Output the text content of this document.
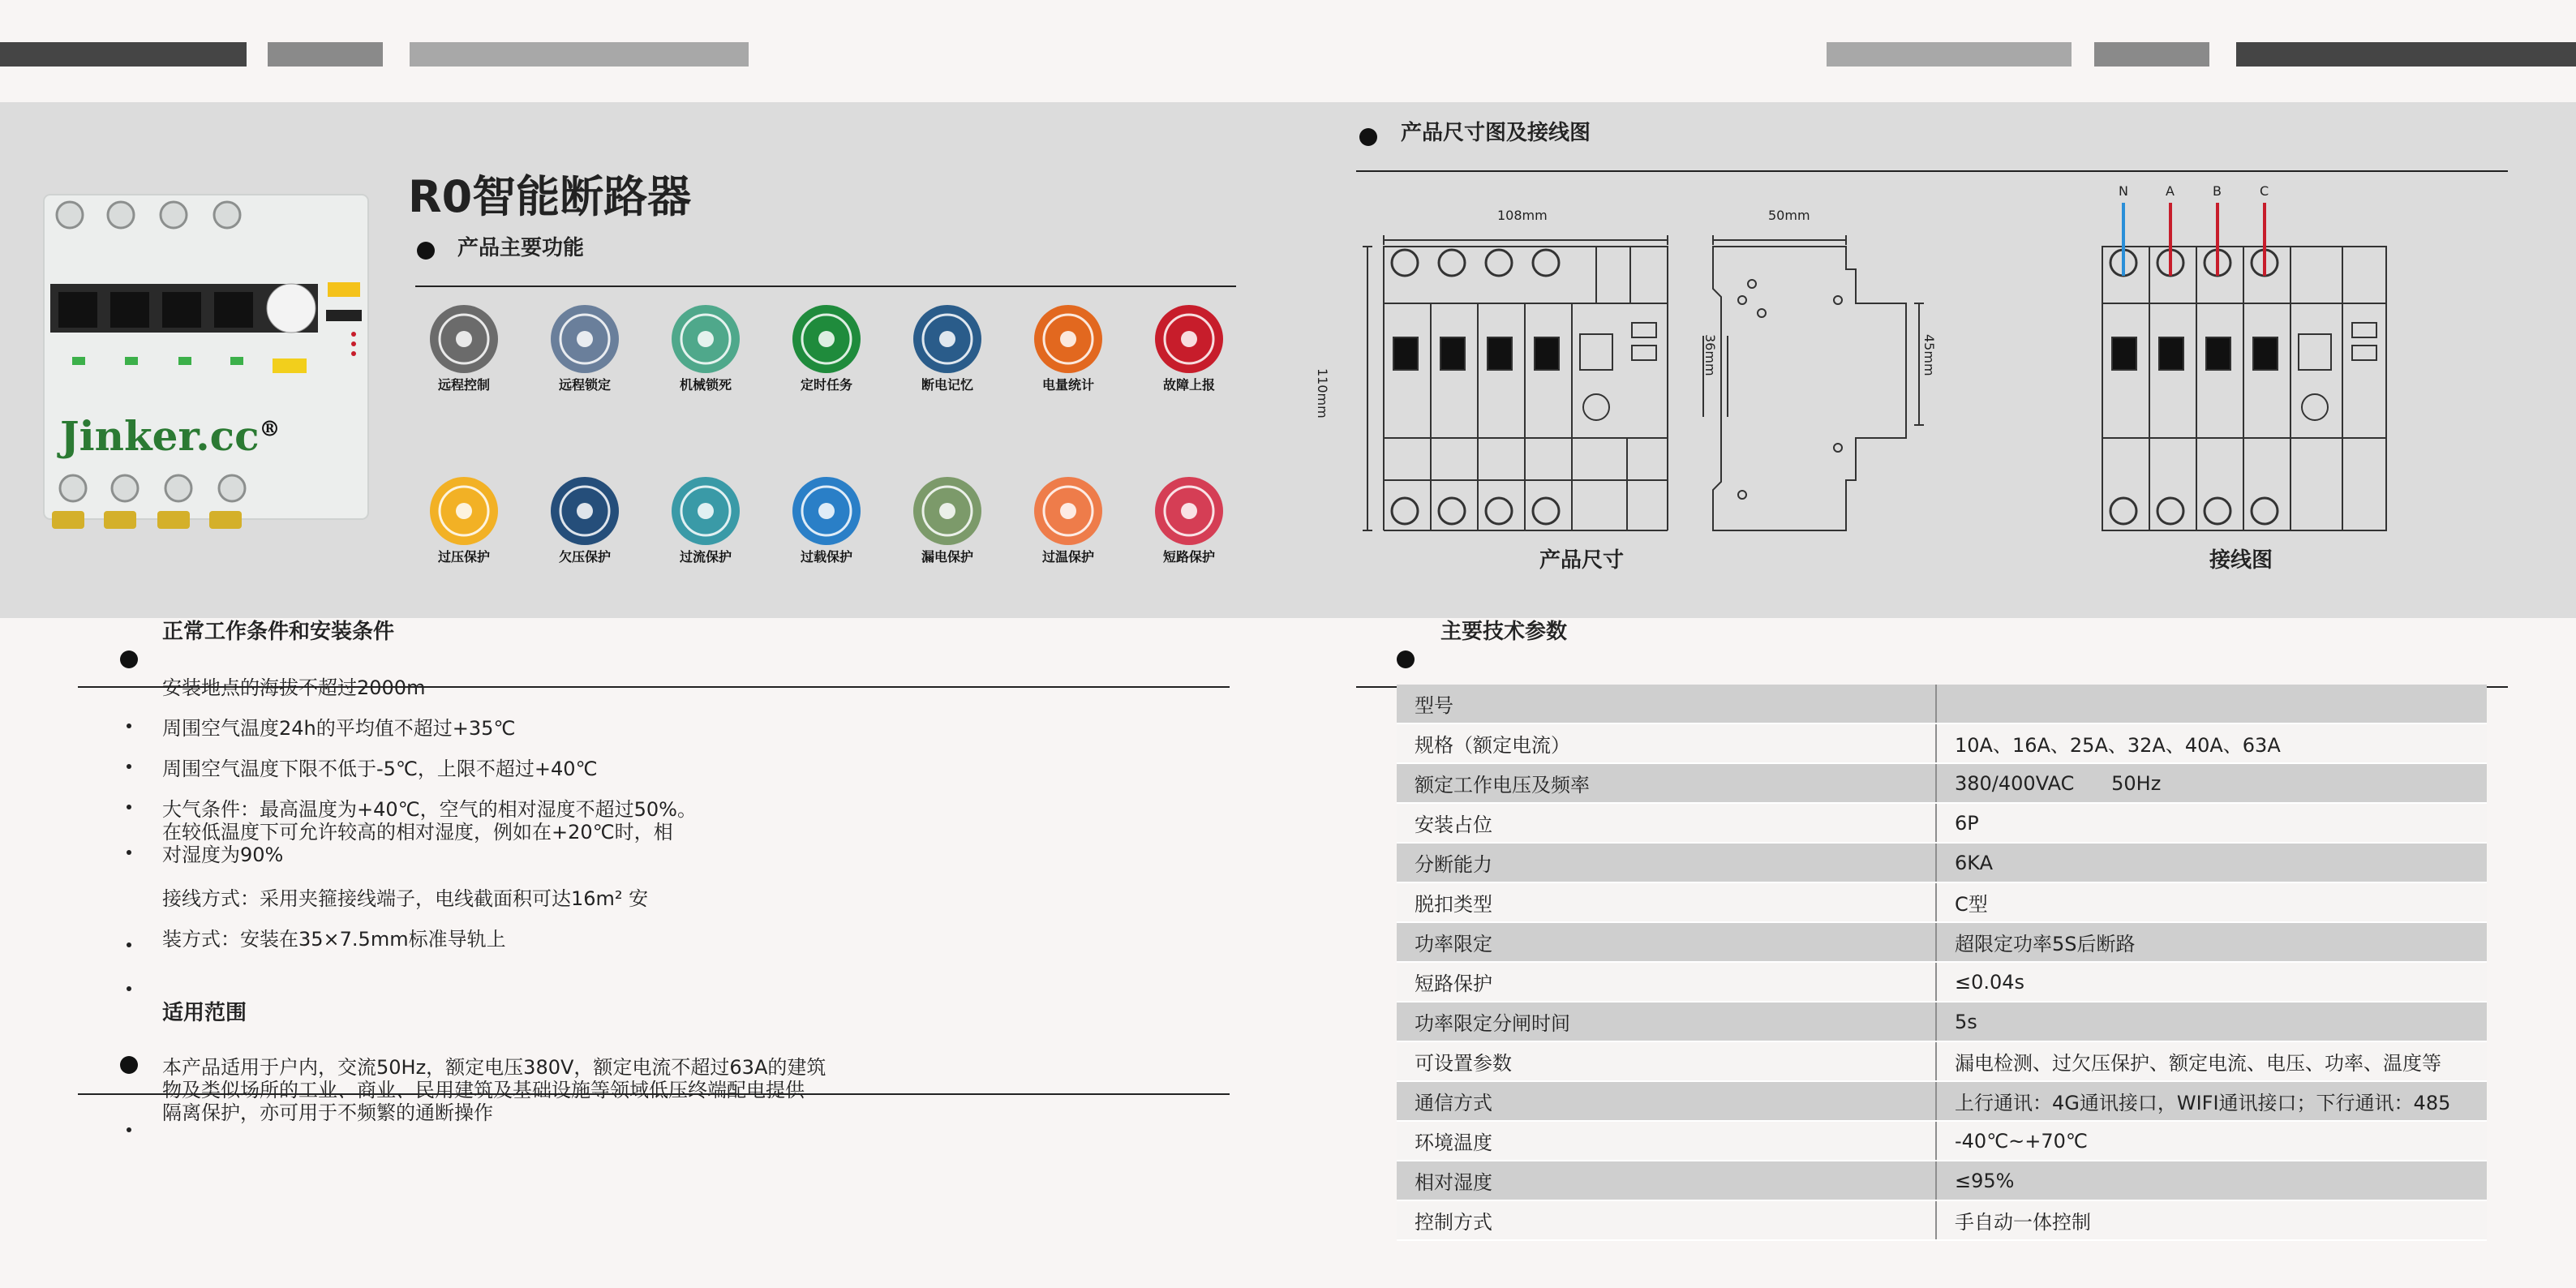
Jinker.cc®
R0智能断路器
产品主要功能
远程控制	远程锁定	机械锁死	定时任务	断电记忆	电量统计	故障上报
过压保护	欠压保护	过流保护	过载保护	漏电保护	过温保护	短路保护
产品尺寸图及接线图
108mm	50mm
110mm
36mm	45mm
产品尺寸
N	A	B	C
接线图
正常工作条件和安装条件
安装地点的海拔不超过2000m
周围空气温度24h的平均值不超过+35℃
周围空气温度下限不低于-5℃，上限不超过+40℃
大气条件：最高温度为+40℃，空气的相对湿度不超过50%。
在较低温度下可允许较高的相对湿度，例如在+20℃时，相
对湿度为90%
接线方式：采用夹箍接线端子，电线截面积可达16m² 安
装方式：安装在35×7.5mm标准导轨上
适用范围
本产品适用于户内，交流50Hz，额定电压380V，额定电流不超过63A的建筑
物及类似场所的工业、商业、民用建筑及基础设施等领域低压终端配电提供
隔离保护，亦可用于不频繁的通断操作
主要技术参数
型号	
规格（额定电流）	10A、16A、25A、32A、40A、63A
额定工作电压及频率	380/400VAC      50Hz
安装占位	6P
分断能力	6KA
脱扣类型	C型
功率限定	超限定功率5S后断路
短路保护	≤0.04s
功率限定分闸时间	5s
可设置参数	漏电检测、过欠压保护、额定电流、电压、功率、温度等
通信方式	上行通讯：4G通讯接口，WIFI通讯接口；下行通讯：485
环境温度	-40℃~+70℃
相对湿度	≤95%
控制方式	手自动一体控制
